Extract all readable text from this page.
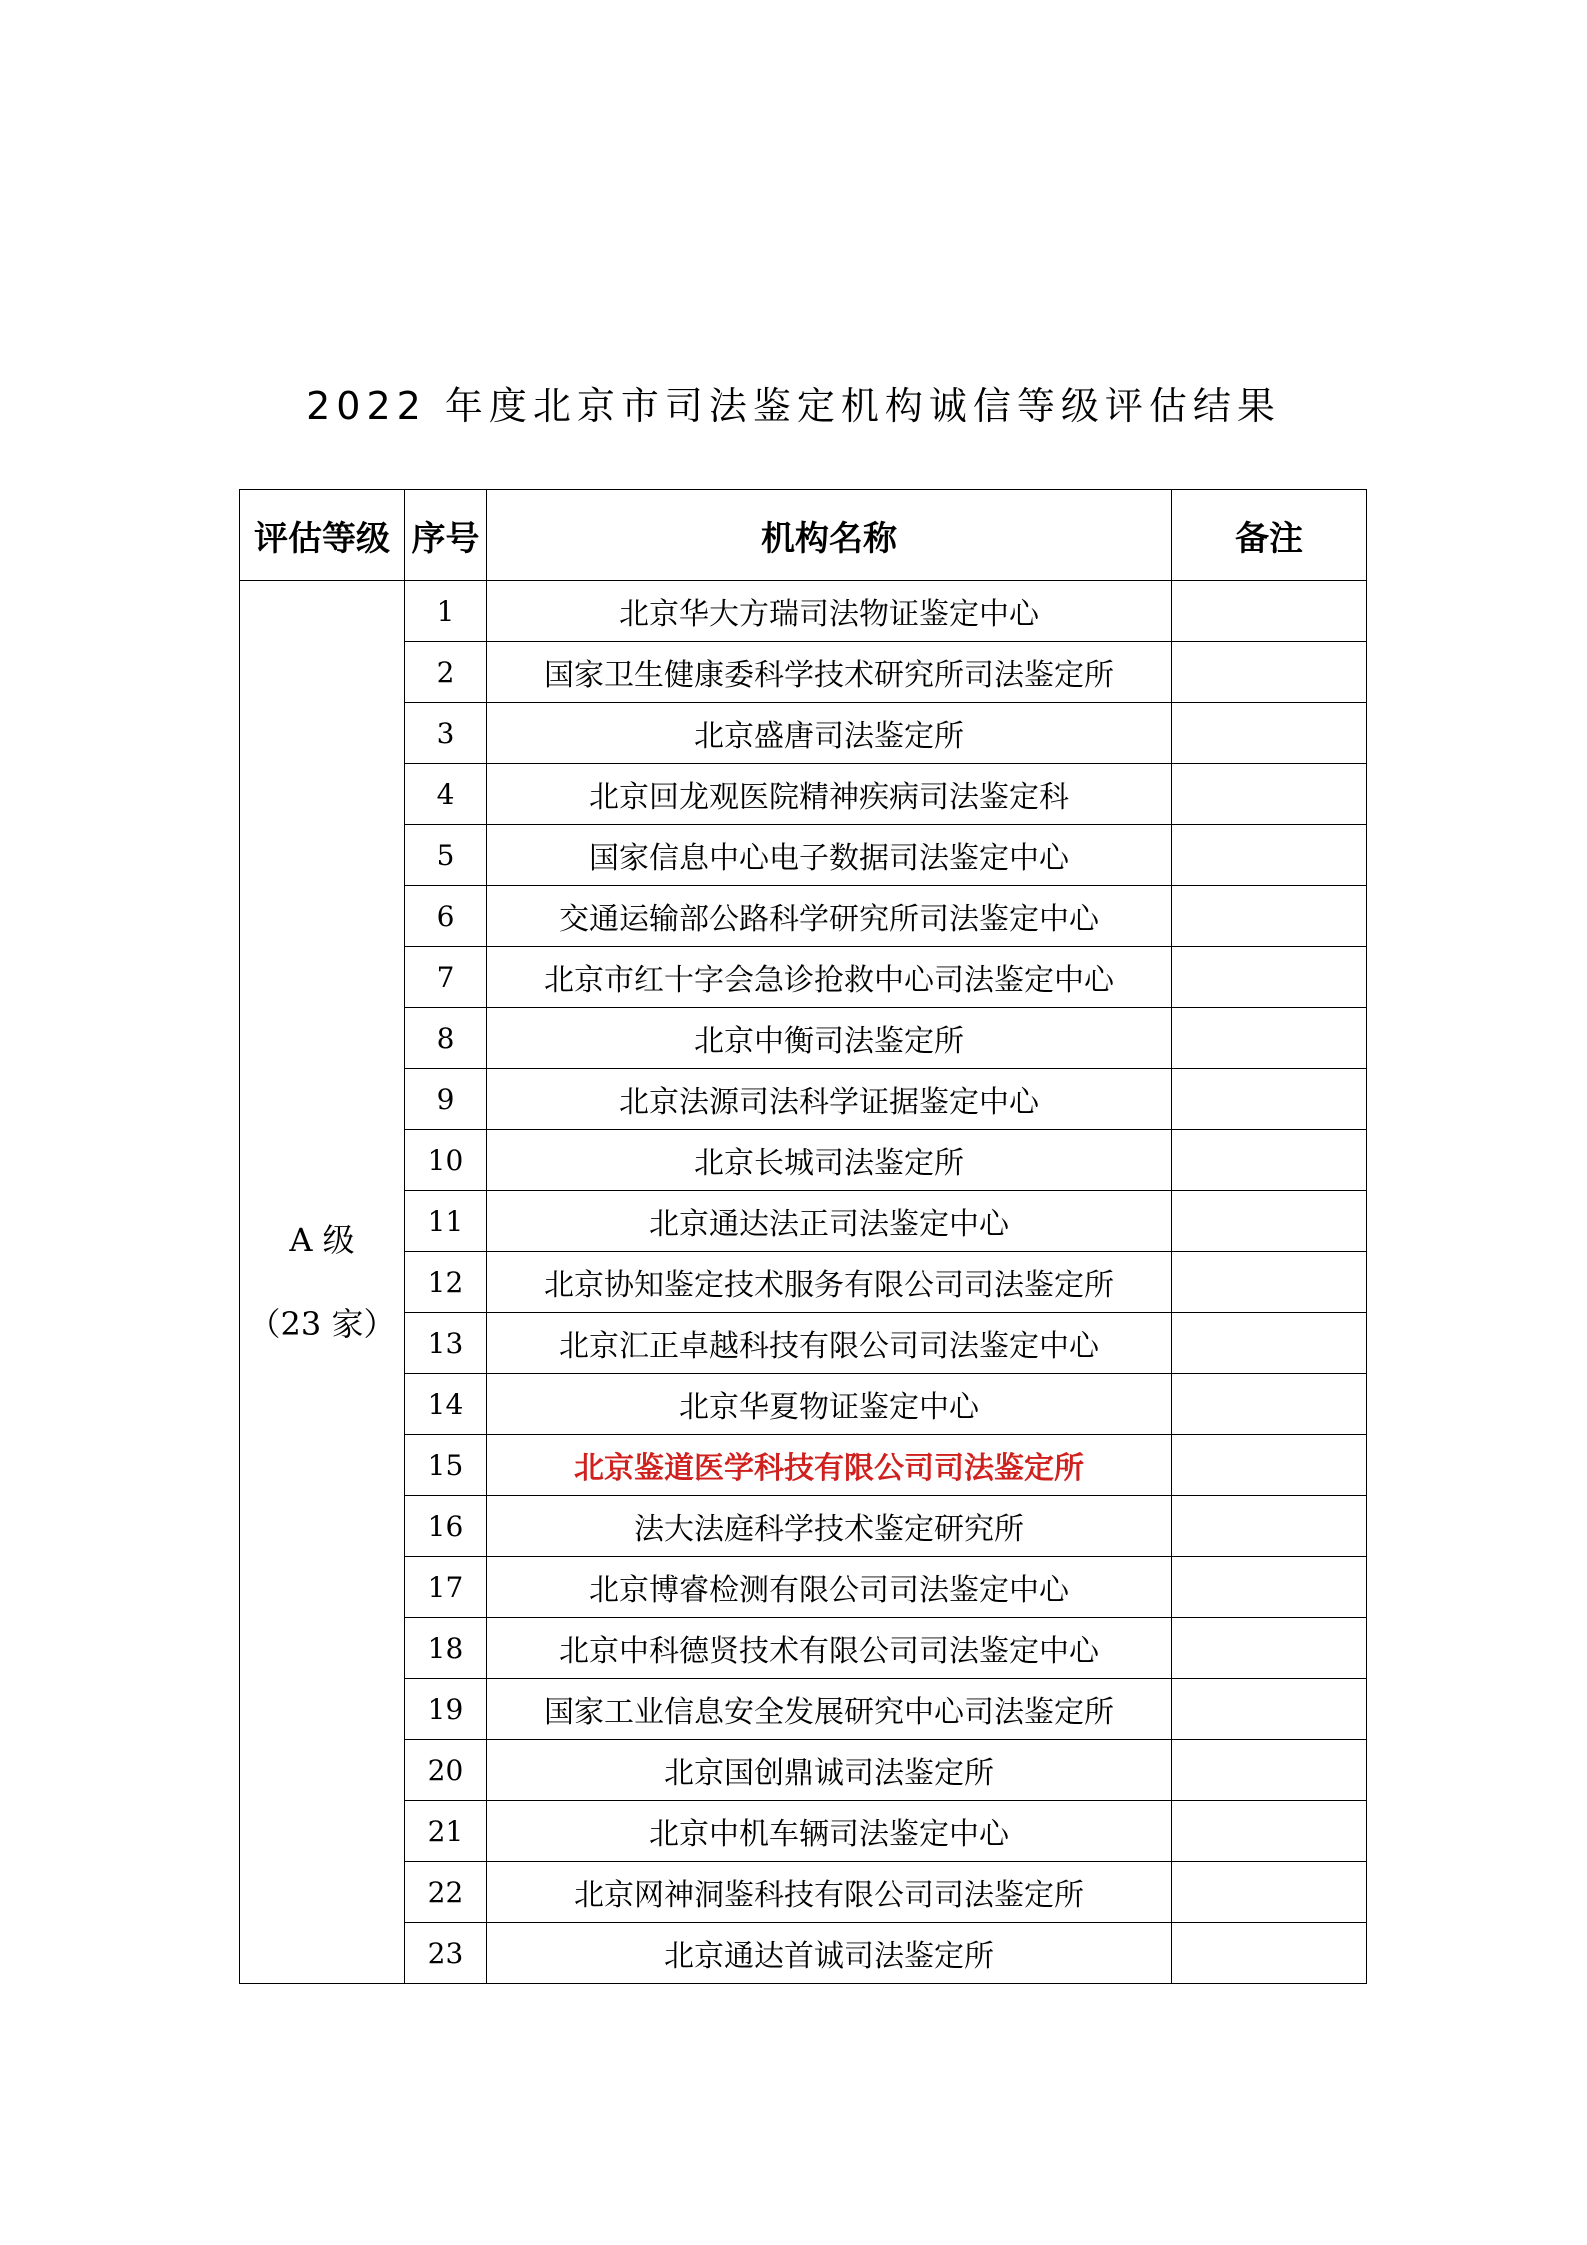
2022 年度北京市司法鉴定机构诚信等级评估结果
评估等级	序号	机构名称	备注

A 级
（23 家）	1	北京华大方瑞司法物证鉴定中心	
	2	国家卫生健康委科学技术研究所司法鉴定所	
	3	北京盛唐司法鉴定所	
	4	北京回龙观医院精神疾病司法鉴定科	
	5	国家信息中心电子数据司法鉴定中心	
	6	交通运输部公路科学研究所司法鉴定中心	
	7	北京市红十字会急诊抢救中心司法鉴定中心	
	8	北京中衡司法鉴定所	
	9	北京法源司法科学证据鉴定中心	
	10	北京长城司法鉴定所	
	11	北京通达法正司法鉴定中心	
	12	北京协知鉴定技术服务有限公司司法鉴定所	
	13	北京汇正卓越科技有限公司司法鉴定中心	
	14	北京华夏物证鉴定中心	
	15	北京鉴道医学科技有限公司司法鉴定所	
	16	法大法庭科学技术鉴定研究所	
	17	北京博睿检测有限公司司法鉴定中心	
	18	北京中科德贤技术有限公司司法鉴定中心	
	19	国家工业信息安全发展研究中心司法鉴定所	
	20	北京国创鼎诚司法鉴定所	
	21	北京中机车辆司法鉴定中心	
	22	北京网神洞鉴科技有限公司司法鉴定所	
	23	北京通达首诚司法鉴定所	
